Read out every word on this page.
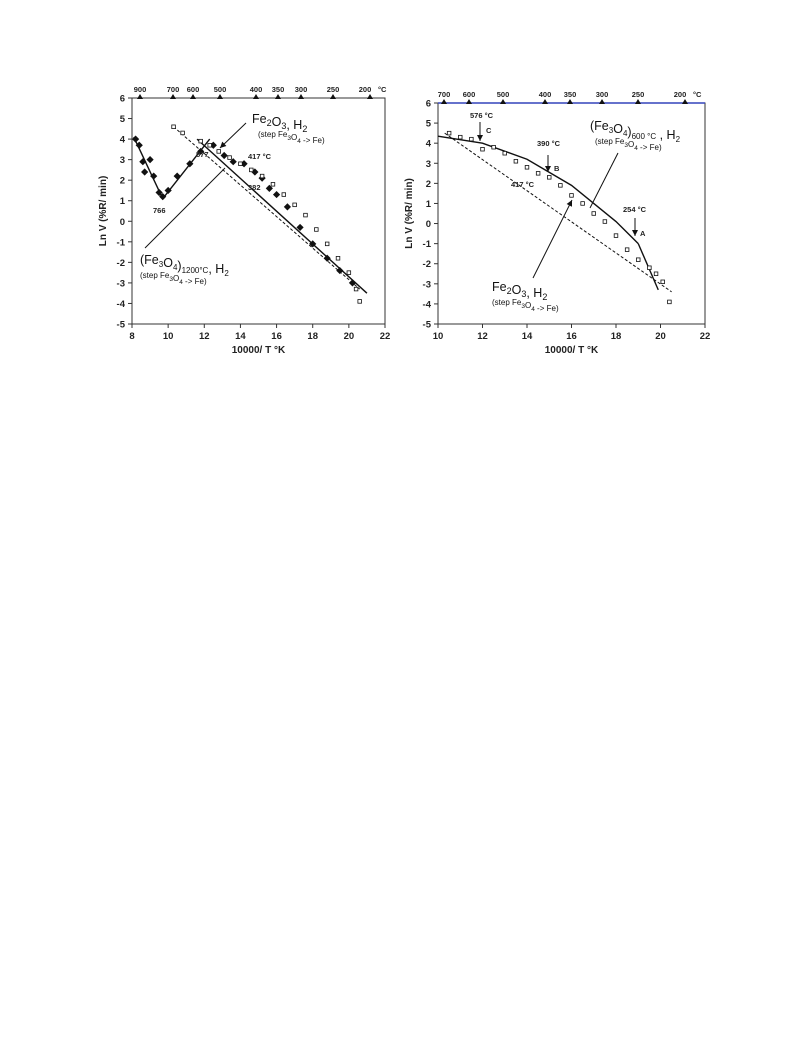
-5
-4
-3
-2
-1
0
1
2
3
4
5
6
8	10	12	14	16	18	20	22
10000/ T °K
Ln V (%R/ min)
900	700 600 500	400 350 300	250	200 °C
766
577	417 °C
382
$Fe_2O_3$, $H_2$
(step $Fe_3O_4 -> Fe$)
$(Fe_3O_4)_{1200^\circ C}$, $H_2$
(step $Fe_3O_4 -> Fe$)
-5
-4
-3
-2
-1
0
1
2
3
4
5
6
10	12	14	16	18	20	22
10000/ T °K
Ln V (%R/ min)
700 600	500	400 350	300	250	200 °C
576 °C
C
390 °C
B
417 °C
254 °C
A
$(Fe_3O_4)_{600 ^\circ C}$ , $H_2$
(step $Fe_3O_4 -> Fe$)
$Fe_2O_3$, $H_2$
(step $Fe_3O_4 -> Fe$)
